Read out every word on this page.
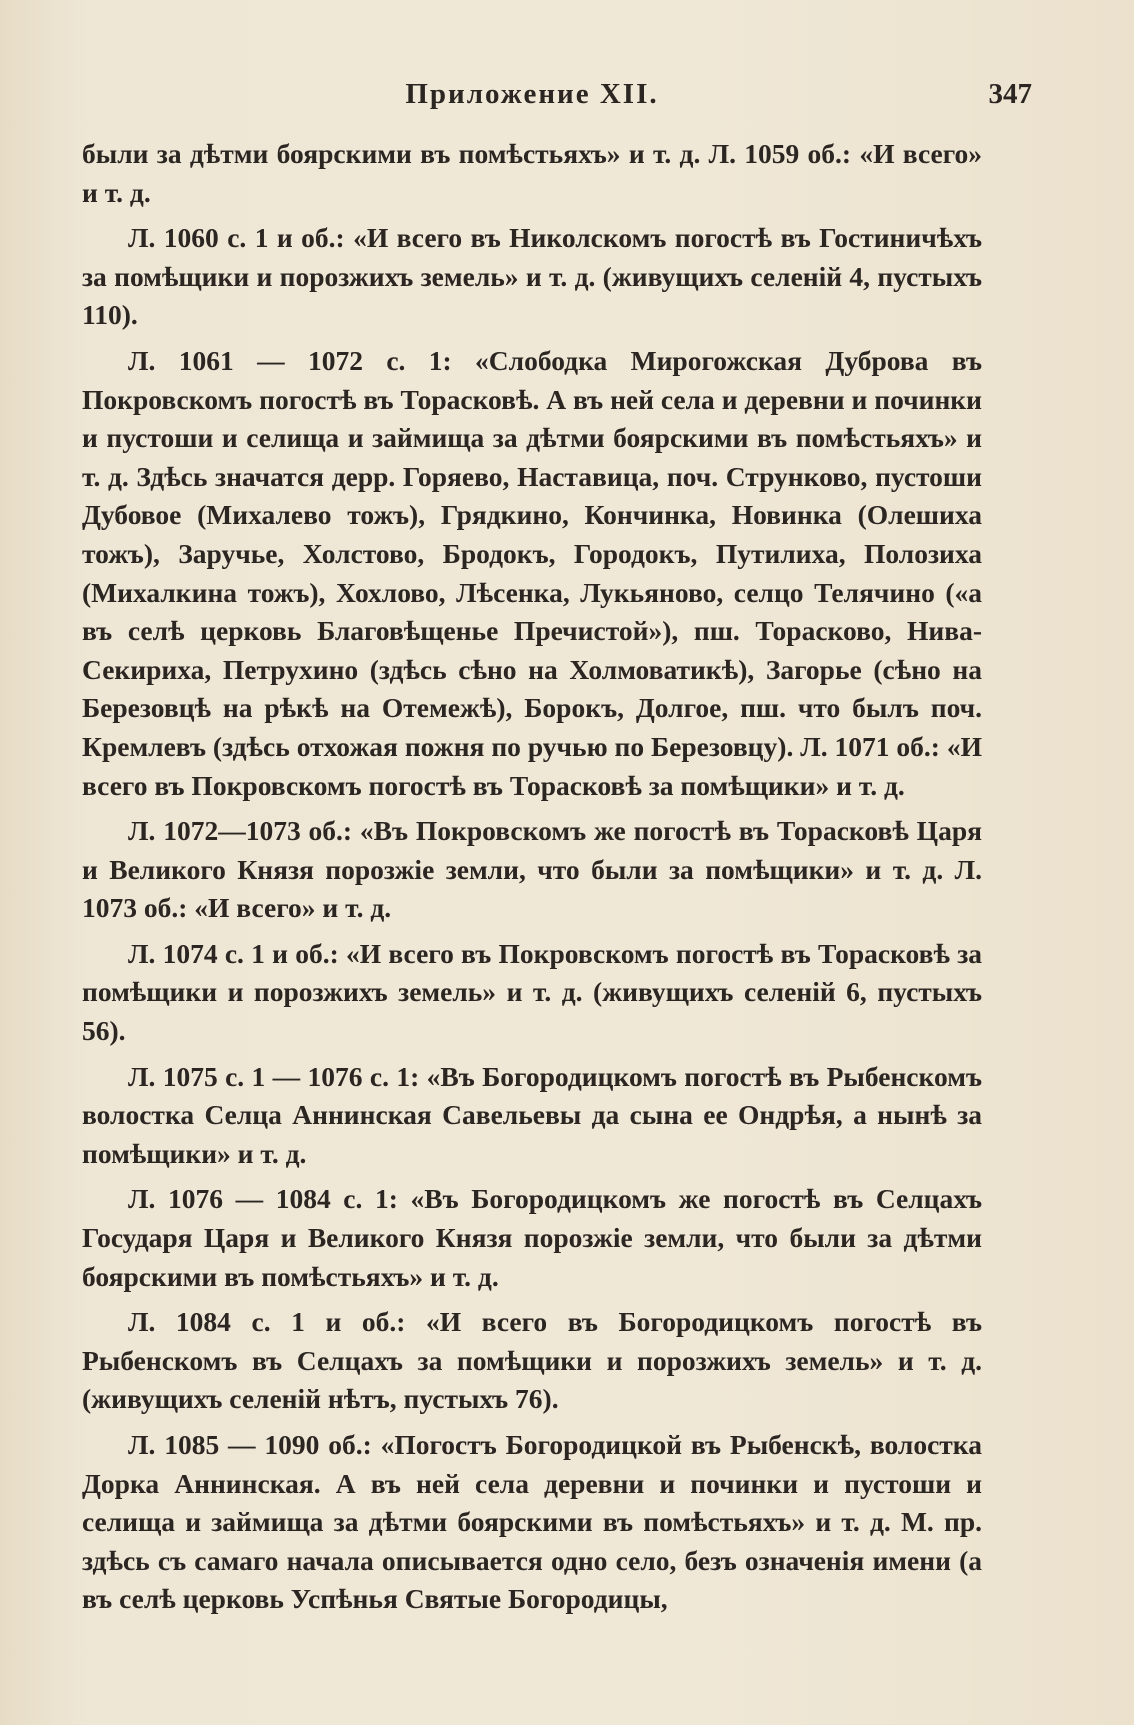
Приложение XII.	347

были за дѣтми боярскими въ помѣстьяхъ» и т. д. Л. 1059 об.: «И всего» и т. д.

Л. 1060 с. 1 и об.: «И всего въ Николскомъ погостѣ въ Гостиничѣхъ за помѣщики и порозжихъ земель» и т. д. (живущихъ селеній 4, пустыхъ 110).

Л. 1061 — 1072 с. 1: «Слободка Мирогожская Дуброва въ Покровскомъ погостѣ въ Торасковѣ. А въ ней села и деревни и починки и пустоши и селища и займища за дѣтми боярскими въ помѣстьяхъ» и т. д. Здѣсь значатся дерр. Горяево, Наставица, поч. Струнково, пустоши Дубовое (Михалево тожъ), Грядкино, Кончинка, Новинка (Олешиха тожъ), Заручье, Холстово, Бродокъ, Городокъ, Путилиха, Полозиха (Михалкина тожъ), Хохлово, Лѣсенка, Лукьяново, селцо Телячино («а въ селѣ церковь Благовѣщенье Пречистой»), пш. Торасково, Нива-Секириха, Петрухино (здѣсь сѣно на Холмоватикѣ), Загорье (сѣно на Березовцѣ на рѣкѣ на Отемежѣ), Борокъ, Долгое, пш. что былъ поч. Кремлевъ (здѣсь отхожая пожня по ручью по Березовцу). Л. 1071 об.: «И всего въ Покровскомъ погостѣ въ Торасковѣ за помѣщики» и т. д.

Л. 1072—1073 об.: «Въ Покровскомъ же погостѣ въ Торасковѣ Царя и Великого Князя порозжіе земли, что были за помѣщики» и т. д. Л. 1073 об.: «И всего» и т. д.

Л. 1074 с. 1 и об.: «И всего въ Покровскомъ погостѣ въ Торасковѣ за помѣщики и порозжихъ земель» и т. д. (живущихъ селеній 6, пустыхъ 56).

Л. 1075 с. 1 — 1076 с. 1: «Въ Богородицкомъ погостѣ въ Рыбенскомъ волостка Селца Аннинская Савельевы да сына ее Ондрѣя, а нынѣ за помѣщики» и т. д.

Л. 1076 — 1084 с. 1: «Въ Богородицкомъ же погостѣ въ Селцахъ Государя Царя и Великого Князя порозжіе земли, что были за дѣтми боярскими въ помѣстьяхъ» и т. д.

Л. 1084 с. 1 и об.: «И всего въ Богородицкомъ погостѣ въ Рыбенскомъ въ Селцахъ за помѣщики и порозжихъ земель» и т. д. (живущихъ селеній нѣтъ, пустыхъ 76).

Л. 1085 — 1090 об.: «Погостъ Богородицкой въ Рыбенскѣ, волостка Дорка Аннинская. А въ ней села деревни и починки и пустоши и селища и займища за дѣтми боярскими въ помѣстьяхъ» и т. д. М. пр. здѣсь съ самаго начала описывается одно село, безъ означенія имени (а въ селѣ церковь Успѣнья Святые Богородицы,
